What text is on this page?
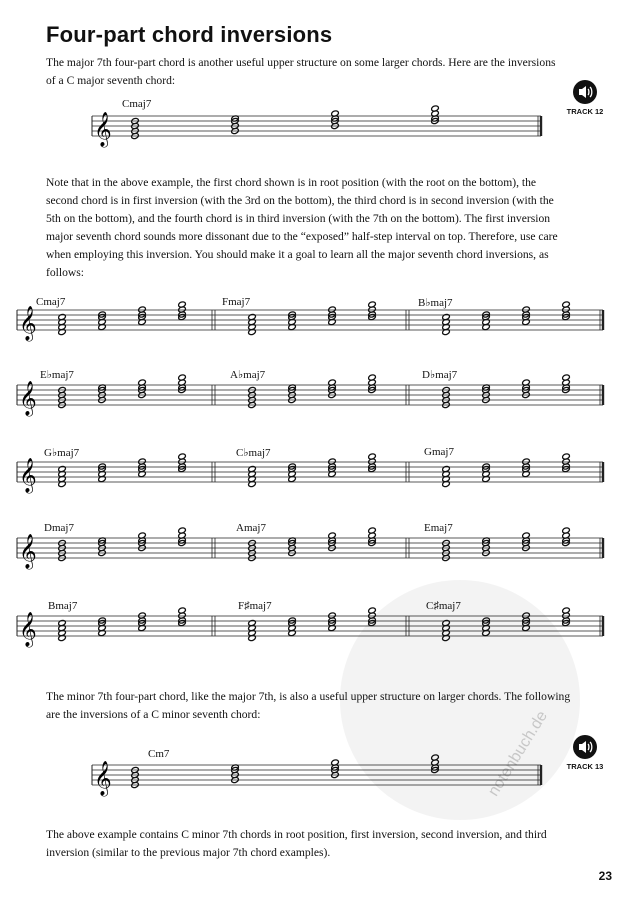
notenbuch.de
Four-part chord inversions

The major 7th four-part chord is another useful upper structure on some larger chords. Here are the inversions of a C major seventh chord:

Note that in the above example, the first chord shown is in root position (with the root on the bottom), the second chord is in first inversion (with the 3rd on the bottom), the third chord is in second inversion (with the 5th on the bottom), and the fourth chord is in third inversion (with the 7th on the bottom). The first inversion major seventh chord sounds more dissonant due to the “exposed” half-step interval on top. Therefore, use care when employing this inversion. You should make it a goal to learn all the major seventh chord inversions, as follows:

The minor 7th four-part chord, like the major 7th, is also a useful upper structure on larger chords. The following are the inversions of a C minor seventh chord:

The above example contains C minor 7th chords in root position, first inversion, second inversion, and third inversion (similar to the previous major 7th chord examples).

Cmaj7
Cm7
Cmaj7	Fmaj7	B♭maj7
E♭maj7	A♭maj7	D♭maj7
G♭maj7	C♭maj7	Gmaj7
Dmaj7	Amaj7	Emaj7
Bmaj7	F♯maj7	C♯maj7
TRACK 12
TRACK 13
𝄞
𝄞
𝄞
𝄞
𝄞
𝄞
𝄞
23
